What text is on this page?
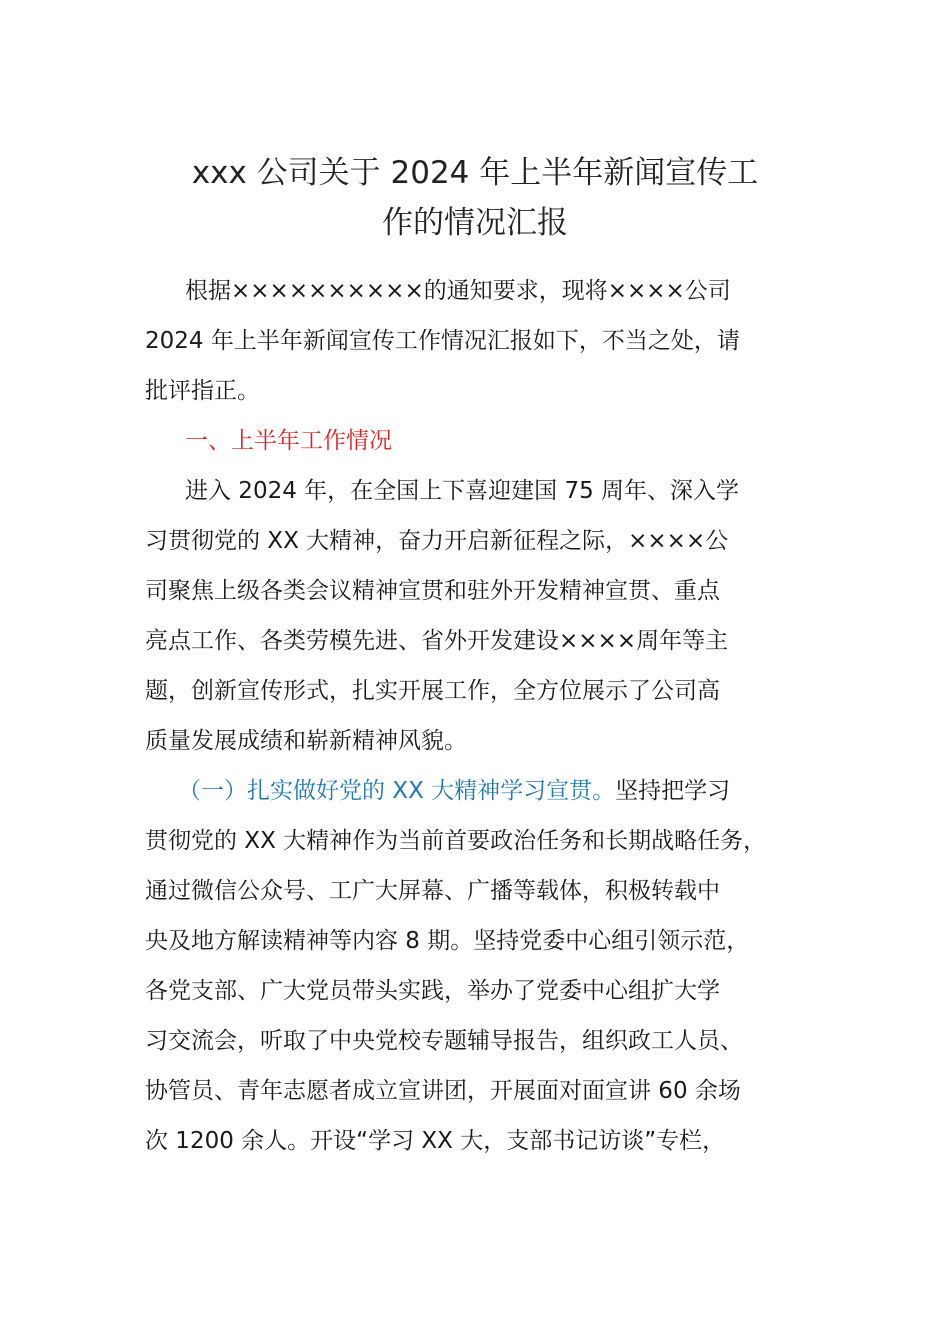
xxx 公司关于 2024 年上半年新闻宣传工
作的情况汇报

根据××××××××××的通知要求，现将××××公司

2024 年上半年新闻宣传工作情况汇报如下，不当之处，请

批评指正。

一、上半年工作情况

进入 2024 年，在全国上下喜迎建国 75 周年、深入学

习贯彻党的 XX 大精神，奋力开启新征程之际，××××公

司聚焦上级各类会议精神宣贯和驻外开发精神宣贯、重点

亮点工作、各类劳模先进、省外开发建设××××周年等主

题，创新宣传形式，扎实开展工作，全方位展示了公司高

质量发展成绩和崭新精神风貌。

（一）扎实做好党的 XX 大精神学习宣贯。坚持把学习

贯彻党的 XX 大精神作为当前首要政治任务和长期战略任务，

通过微信公众号、工广大屏幕、广播等载体，积极转载中

央及地方解读精神等内容 8 期。坚持党委中心组引领示范，

各党支部、广大党员带头实践，举办了党委中心组扩大学

习交流会，听取了中央党校专题辅导报告，组织政工人员、

协管员、青年志愿者成立宣讲团，开展面对面宣讲 60 余场

次 1200 余人。开设“学习 XX 大，支部书记访谈”专栏，
